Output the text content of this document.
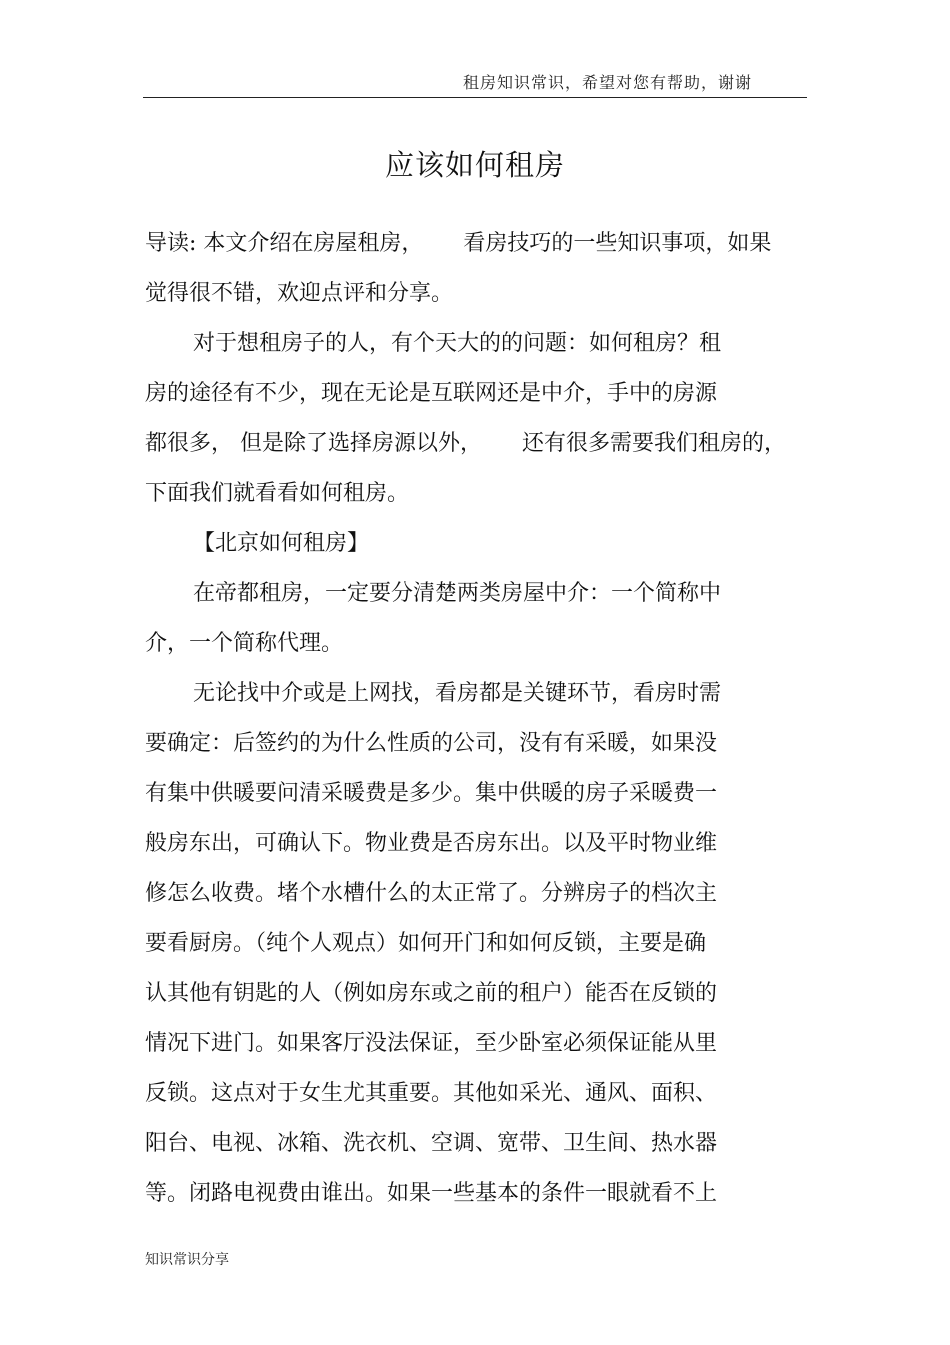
租房知识常识，希望对您有帮助，谢谢
应该如何租房
导读: 本文介绍在房屋租房， 看房技巧的一些知识事项，如果
觉得很不错，欢迎点评和分享。
对于想租房子的人，有个天大的的问题：如何租房？租
房的途径有不少，现在无论是互联网还是中介，手中的房源
都很多， 但是除了选择房源以外， 还有很多需要我们租房的，
下面我们就看看如何租房。
【北京如何租房】
在帝都租房，一定要分清楚两类房屋中介：一个简称中
介，一个简称代理。
无论找中介或是上网找，看房都是关键环节，看房时需
要确定：后签约的为什么性质的公司，没有有采暖，如果没
有集中供暖要问清采暖费是多少。集中供暖的房子采暖费一
般房东出，可确认下。物业费是否房东出。以及平时物业维
修怎么收费。堵个水槽什么的太正常了。分辨房子的档次主
要看厨房。（纯个人观点）如何开门和如何反锁，主要是确
认其他有钥匙的人（例如房东或之前的租户）能否在反锁的
情况下进门。如果客厅没法保证，至少卧室必须保证能从里
反锁。这点对于女生尤其重要。其他如采光、通风、面积、
阳台、电视、冰箱、洗衣机、空调、宽带、卫生间、热水器
等。闭路电视费由谁出。如果一些基本的条件一眼就看不上
知识常识分享
